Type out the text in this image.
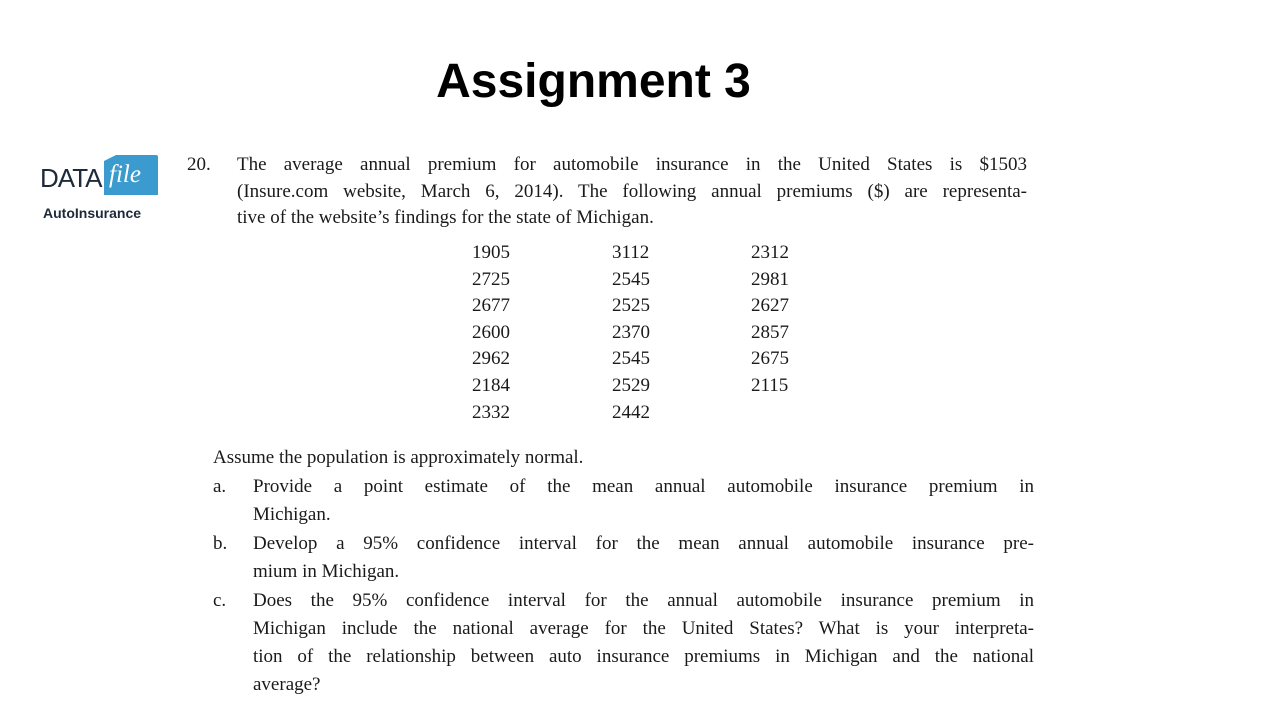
Assignment 3
DATA file
AutoInsurance
20. The average annual premium for automobile insurance in the United States is $1503
(Insure.com website, March 6, 2014). The following annual premiums ($) are representa-
tive of the website’s findings for the state of Michigan.
1905	3112	2312
2725	2545	2981
2677	2525	2627
2600	2370	2857
2962	2545	2675
2184	2529	2115
2332	2442	
Assume the population is approximately normal.
a. Provide a point estimate of the mean annual automobile insurance premium in
Michigan.
b. Develop a 95% confidence interval for the mean annual automobile insurance pre-
mium in Michigan.
c. Does the 95% confidence interval for the annual automobile insurance premium in
Michigan include the national average for the United States? What is your interpreta-
tion of the relationship between auto insurance premiums in Michigan and the national
average?
